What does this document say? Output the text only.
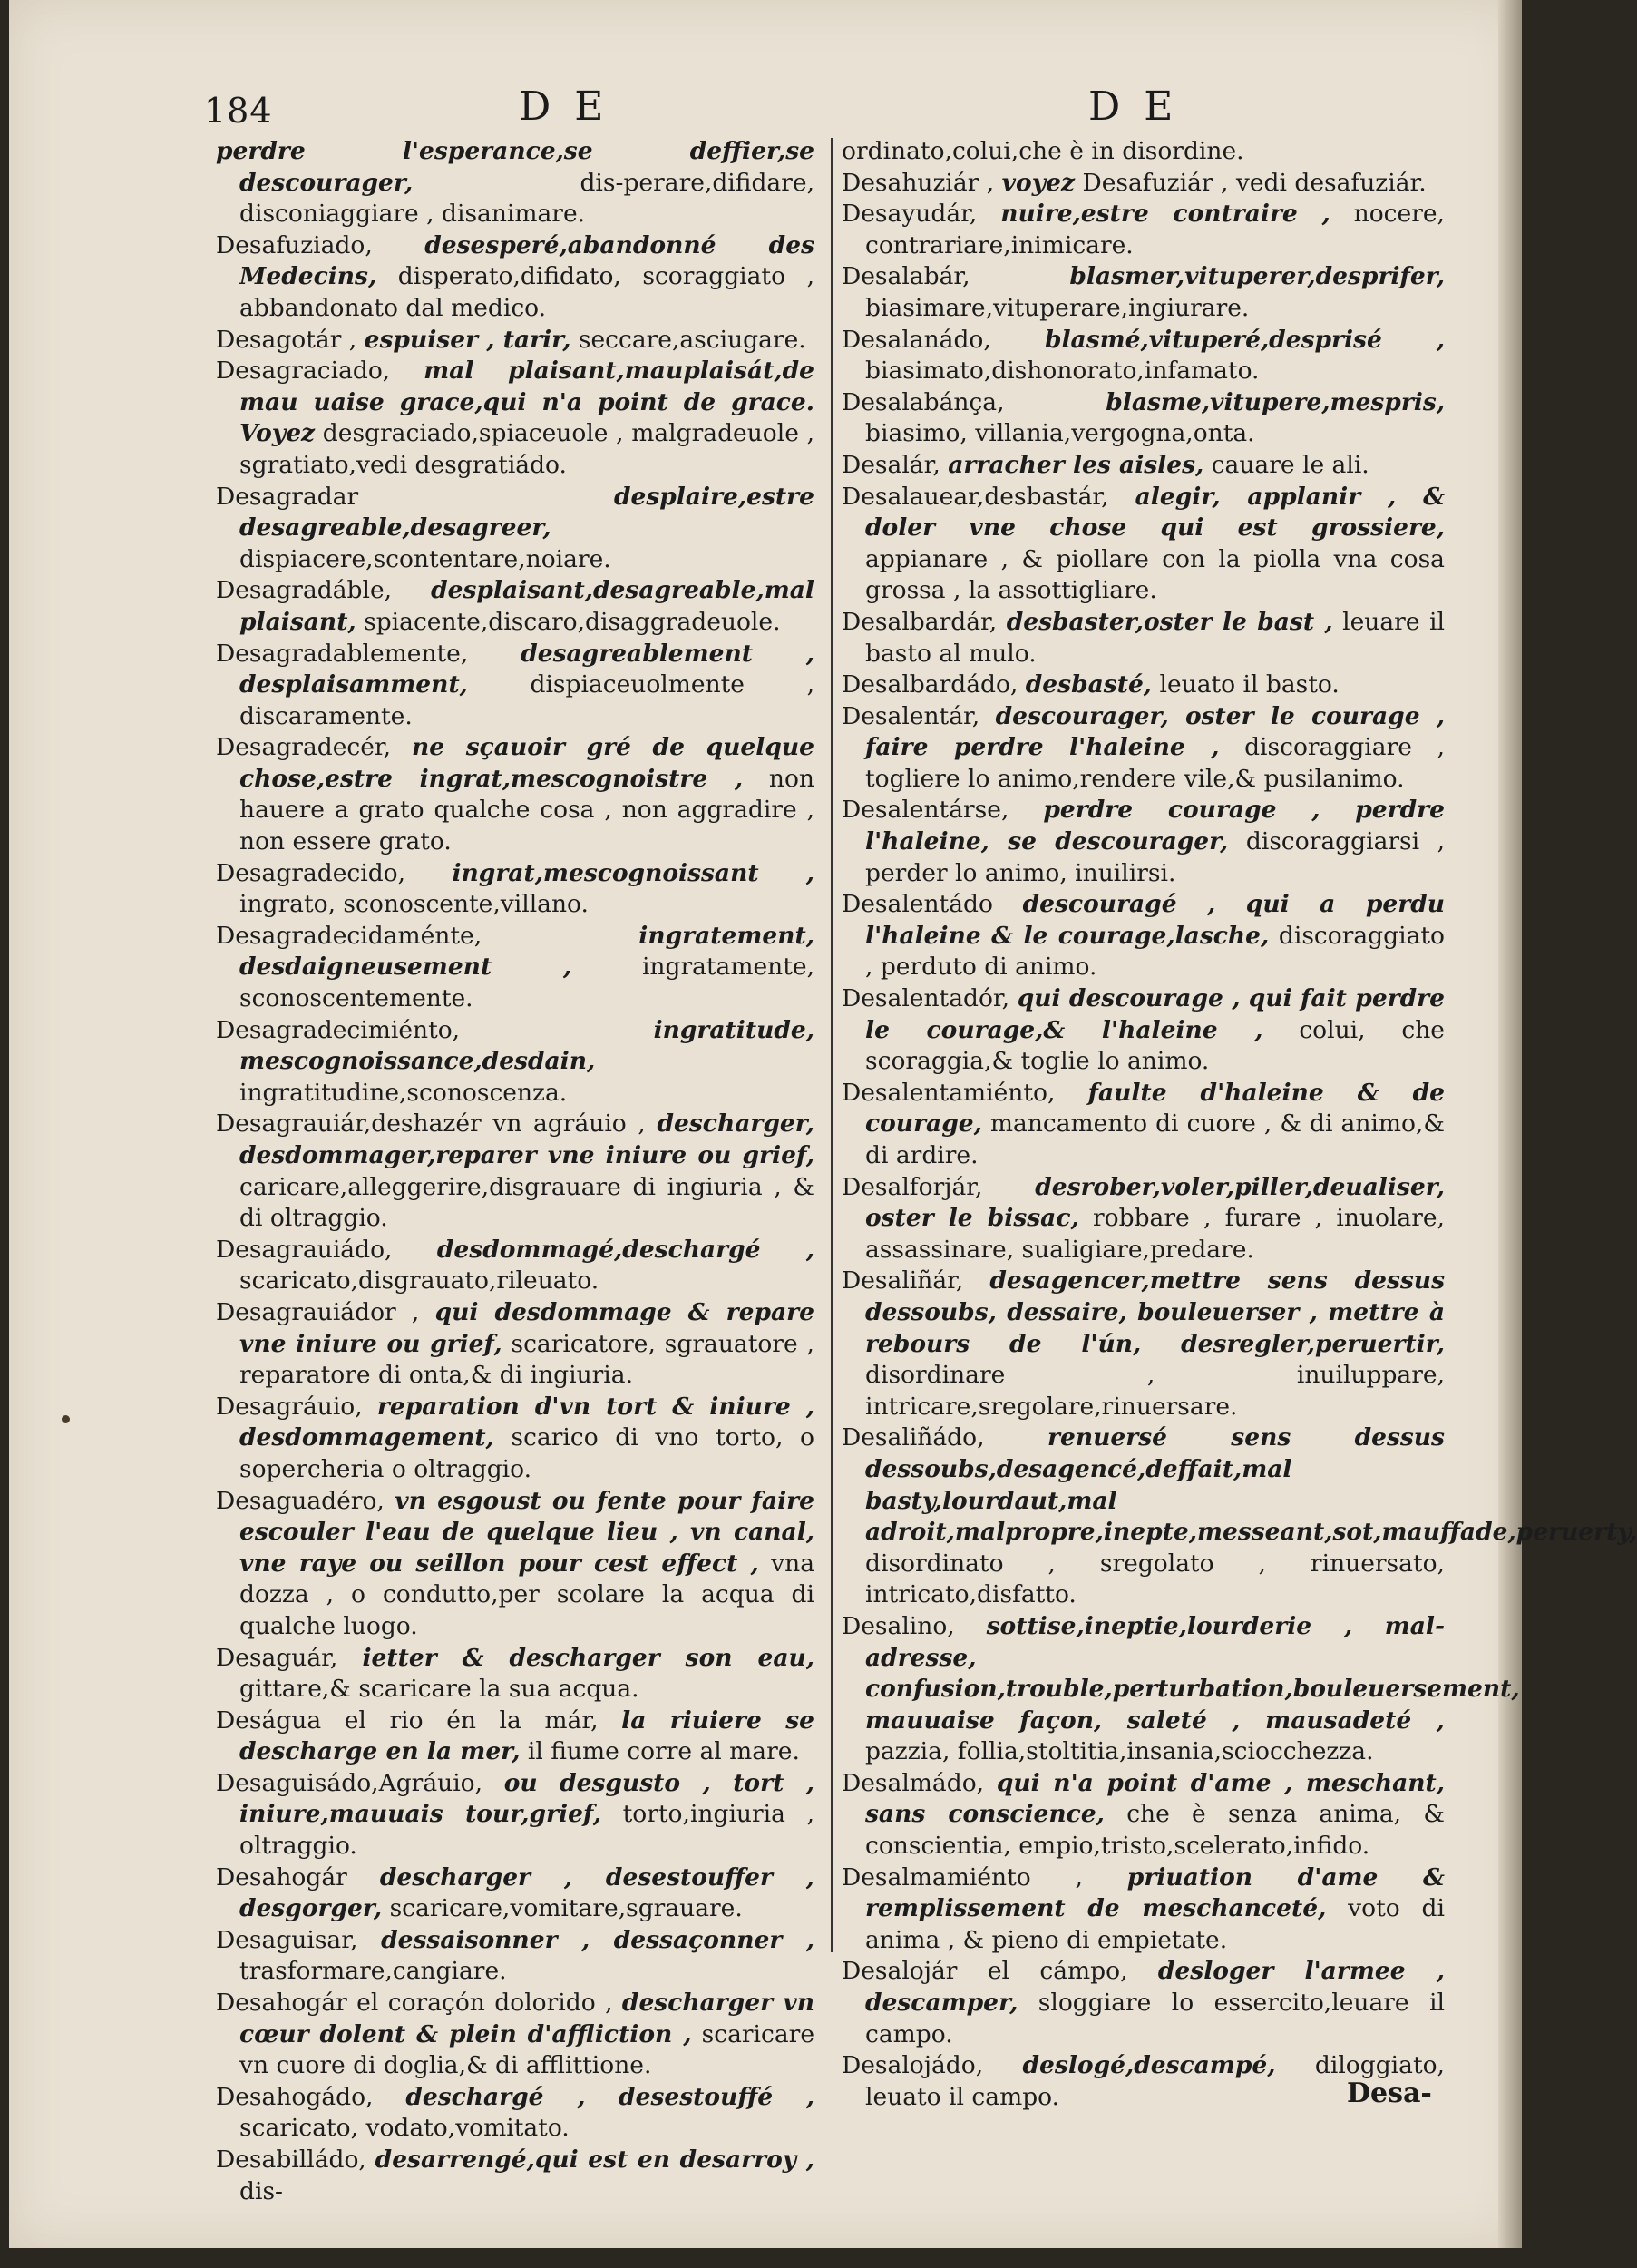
184	D E	D E

perdre l'esperance,se deffier,se descourager,	dis-perare,difidare, disconiaggiare , disanimare.

Desafuziado, desesperé,abandonné des Medecins, disperato,difidato, scoraggiato , abbandonato dal medico.

Desagotár , espuiser , tarir, seccare,asciugare.

Desagraciado, mal plaisant,mauplaisát,de mau uaise grace,qui n'a point de grace. Voyez desgraciado,spiaceuole , malgradeuole , sgratiato,vedi desgratiádo.

Desagradar	desplaire,estre desagreable,desagreer, dispiacere,scontentare,noiare.

Desagradáble, desplaisant,desagreable,mal plaisant, spiacente,discaro,disaggradeuole.

Desagradablemente, desagreablement , desplaisamment,	dispiaceuolmente , discaramente.

Desagradecér, ne sçauoir gré de quelque chose,estre ingrat,mescognoistre , non hauere a grato qualche cosa , non aggradire , non essere grato.

Desagradecido, ingrat,mescognoissant , ingrato, sconoscente,villano.

Desagradecidaménte,	ingratement, desdaigneusement ,	ingratamente, sconoscentemente.

Desagradecimiénto,	ingratitude, mescognoissance,desdain, ingratitudine,sconoscenza.

Desagrauiár,deshazér vn agráuio , descharger, desdommager,reparer vne iniure ou grief, caricare,alleggerire,disgrauare di ingiuria , & di oltraggio.

Desagrauiádo, desdommagé,deschargé , scaricato,disgrauato,rileuato.

Desagrauiádor , qui desdommage & repare vne iniure ou grief, scaricatore, sgrauatore , reparatore di onta,& di ingiuria.

Desagráuio, reparation d'vn tort & iniure , desdommagement, scarico di vno torto, o sopercheria o oltraggio.

Desaguadéro, vn esgoust ou fente pour faire escouler l'eau de quelque lieu , vn canal, vne raye ou seillon pour cest effect , vna dozza , o condutto,per scolare la acqua di qualche luogo.

Desaguár, ietter & descharger son eau, gittare,& scaricare la sua acqua.

Deságua el rio én la már, la riuiere se descharge en la mer, il fiume corre al mare.

Desaguisádo,Agráuio, ou desgusto , tort , iniure,mauuais tour,grief, torto,ingiuria , oltraggio.

Desahogár descharger , desestouffer , desgorger, scaricare,vomitare,sgrauare.

Desaguisar, dessaisonner , dessaçonner , trasformare,cangiare.

Desahogár el coraçón dolorido , descharger vn cœur dolent & plein d'affliction , scaricare vn cuore di doglia,& di afflittione.

Desahogádo, deschargé , desestouffé , scaricato, vodato,vomitato.

Desabilládo, desarrengé,qui est en desarroy , dis-

ordinato,colui,che è in disordine.

Desahuziár , voyez Desafuziár , vedi desafuziár.

Desayudár, nuire,estre contraire , nocere, contrariare,inimicare.

Desalabár,	blasmer,vituperer,desprifer, biasimare,vituperare,ingiurare.

Desalanádo, blasmé,vituperé,desprisé , biasimato,dishonorato,infamato.

Desalabánça,	blasme,vitupere,mespris, biasimo, villania,vergogna,onta.

Desalár, arracher les aisles, cauare le ali.

Desalauear,desbastár, alegir, applanir , & doler vne chose qui est grossiere, appianare , & piollare con la piolla vna cosa grossa , la assottigliare.

Desalbardár, desbaster,oster le bast , leuare il basto al mulo.

Desalbardádo, desbasté, leuato il basto.

Desalentár, descourager, oster le courage , faire perdre l'haleine , discoraggiare , togliere lo animo,rendere vile,& pusilanimo.

Desalentárse, perdre courage , perdre l'haleine, se descourager, discoraggiarsi , perder lo animo, inuilirsi.

Desalentádo descouragé , qui a perdu l'haleine & le courage,lasche, discoraggiato , perduto di animo.

Desalentadór, qui descourage , qui fait perdre le courage,& l'haleine , colui, che scoraggia,& toglie lo animo.

Desalentamiénto, faulte d'haleine & de courage, mancamento di cuore , & di animo,& di ardire.

Desalforjár, desrober,voler,piller,deualiser, oster le bissac, robbare , furare , inuolare, assassinare, sualigiare,predare.

Desaliñár, desagencer,mettre sens dessus dessoubs, dessaire, bouleuerser , mettre à rebours de l'ún, desregler,peruertir, disordinare , inuiluppare, intricare,sregolare,rinuersare.

Desaliñádo,	renuersé sens dessus dessoubs,desagencé,deffait,mal basty,lourdaut,mal adroit,malpropre,inepte,messeant,sot,mauffade,peruerty, disordinato , sregolato , rinuersato, intricato,disfatto.

Desalino, sottise,ineptie,lourderie , mal-adresse, confusion,trouble,perturbation,bouleuersement, mauuaise façon, saleté , mausadeté , pazzia, follia,stoltitia,insania,sciocchezza.

Desalmádo, qui n'a point d'ame , meschant, sans conscience, che è senza anima, & conscientia, empio,tristo,scelerato,infido.

Desalmamiénto , priuation d'ame & remplissement de meschanceté, voto di anima , & pieno di empietate.

Desalojár el cámpo, desloger l'armee , descamper, sloggiare lo essercito,leuare il campo.

Desalojádo, deslogé,descampé, diloggiato, leuato il campo.	Desa-
